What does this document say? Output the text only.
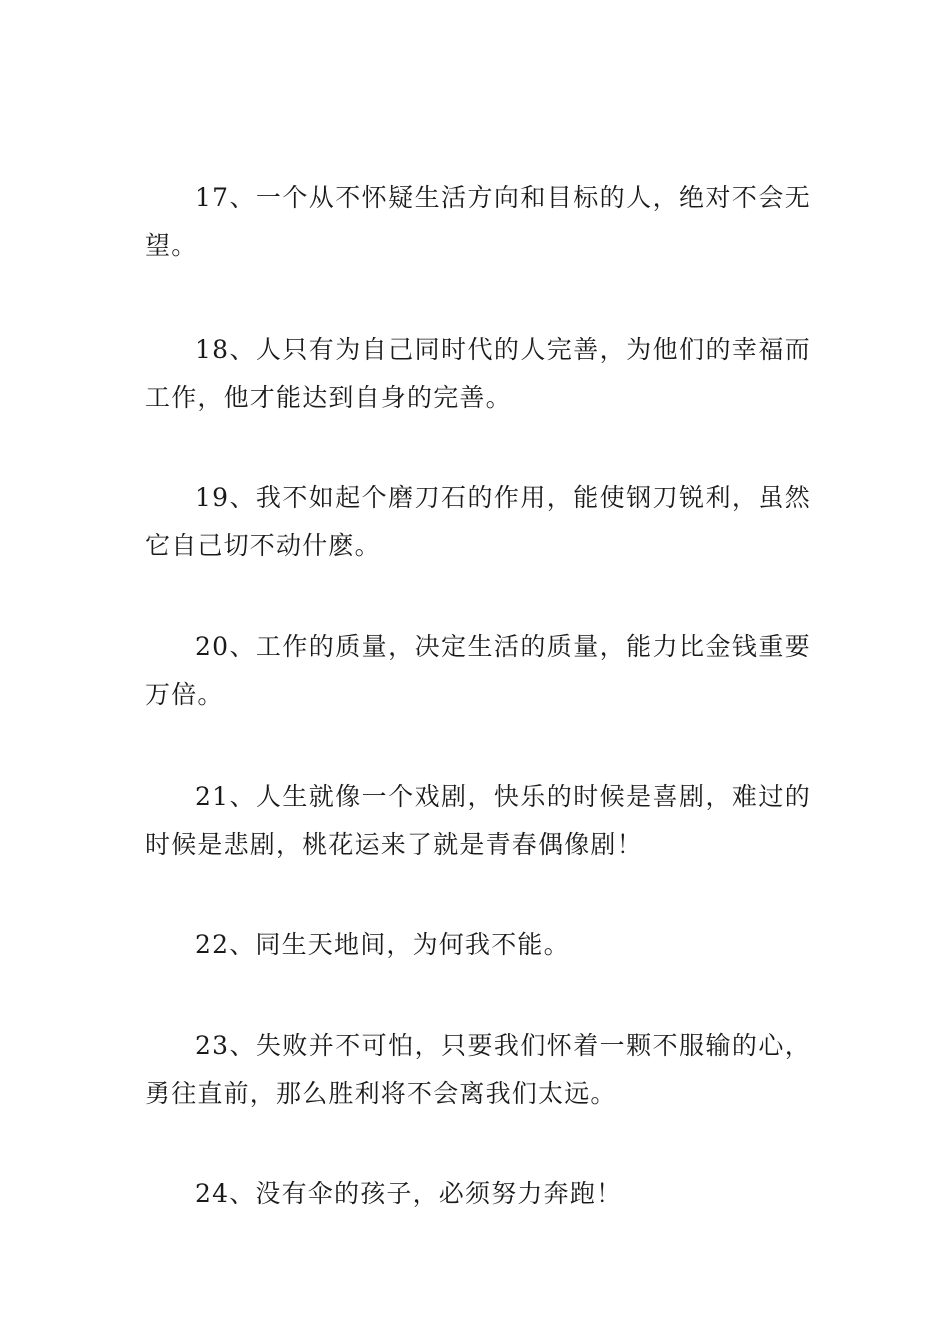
17、一个从不怀疑生活方向和目标的人，绝对不会无望。

18、人只有为自己同时代的人完善，为他们的幸福而工作，他才能达到自身的完善。

19、我不如起个磨刀石的作用，能使钢刀锐利，虽然它自己切不动什麽。

20、工作的质量，决定生活的质量，能力比金钱重要万倍。

21、人生就像一个戏剧，快乐的时候是喜剧，难过的时候是悲剧，桃花运来了就是青春偶像剧！

22、同生天地间，为何我不能。

23、失败并不可怕，只要我们怀着一颗不服输的心，勇往直前，那么胜利将不会离我们太远。

24、没有伞的孩子，必须努力奔跑！
